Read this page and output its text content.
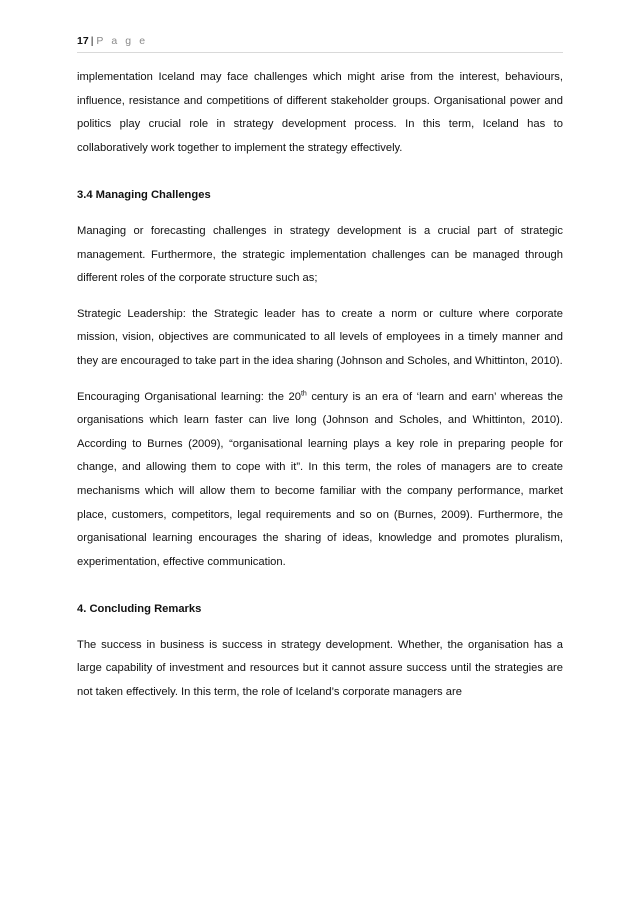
17 | P a g e

implementation Iceland may face challenges which might arise from the interest, behaviours, influence, resistance and competitions of different stakeholder groups. Organisational power and politics play crucial role in strategy development process. In this term, Iceland has to collaboratively work together to implement the strategy effectively.

3.4 Managing Challenges

Managing or forecasting challenges in strategy development is a crucial part of strategic management. Furthermore, the strategic implementation challenges can be managed through different roles of the corporate structure such as;

Strategic Leadership: the Strategic leader has to create a norm or culture where corporate mission, vision, objectives are communicated to all levels of employees in a timely manner and they are encouraged to take part in the idea sharing (Johnson and Scholes, and Whittinton, 2010).

Encouraging Organisational learning: the 20th century is an era of ‘learn and earn’ whereas the organisations which learn faster can live long (Johnson and Scholes, and Whittinton, 2010). According to Burnes (2009), “organisational learning plays a key role in preparing people for change, and allowing them to cope with it”. In this term, the roles of managers are to create mechanisms which will allow them to become familiar with the company performance, market place, customers, competitors, legal requirements and so on (Burnes, 2009). Furthermore, the organisational learning encourages the sharing of ideas, knowledge and promotes pluralism, experimentation, effective communication.

4. Concluding Remarks

The success in business is success in strategy development. Whether, the organisation has a large capability of investment and resources but it cannot assure success until the strategies are not taken effectively. In this term, the role of Iceland’s corporate managers are
